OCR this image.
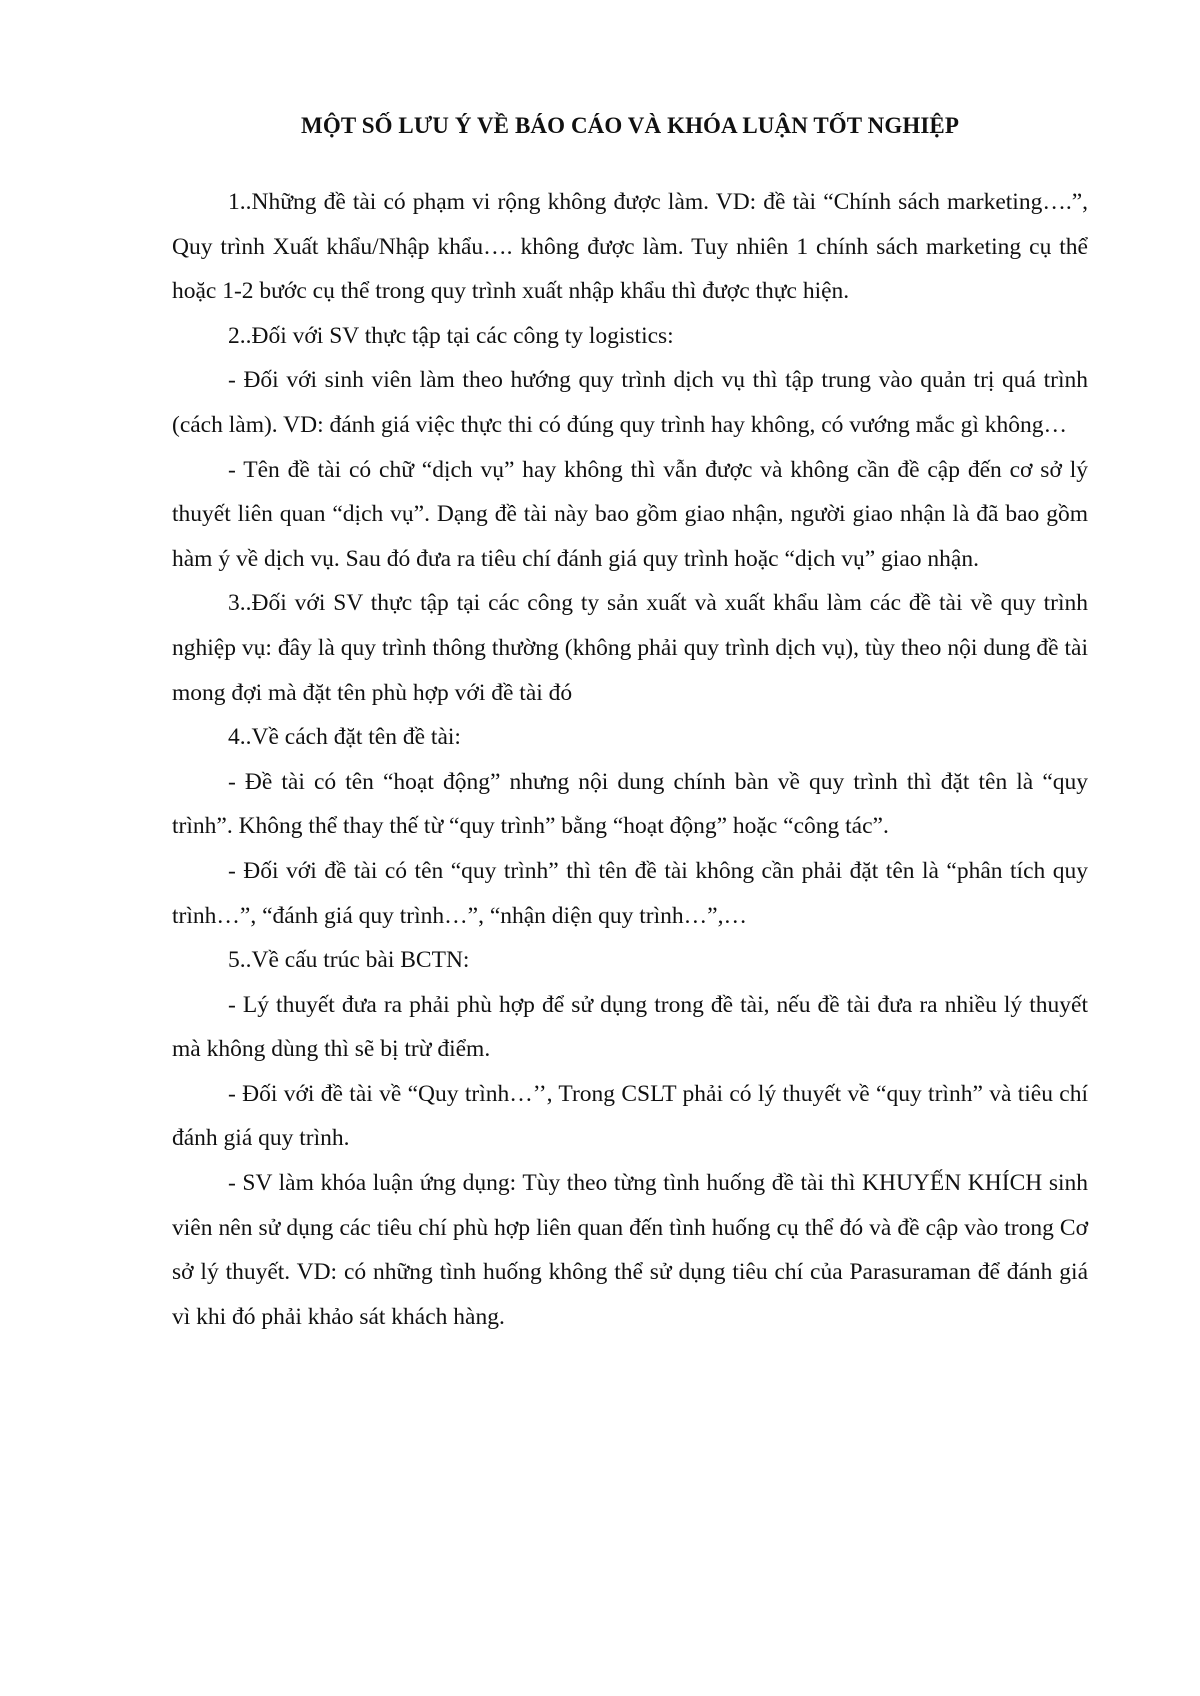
MỘT SỐ LƯU Ý VỀ BÁO CÁO VÀ KHÓA LUẬN TỐT NGHIỆP

1..Những đề tài có phạm vi rộng không được làm. VD: đề tài “Chính sách marketing….”, Quy trình Xuất khẩu/Nhập khẩu…. không được làm. Tuy nhiên 1 chính sách marketing cụ thể hoặc 1-2 bước cụ thể trong quy trình xuất nhập khẩu thì được thực hiện.

2..Đối với SV thực tập tại các công ty logistics:

- Đối với sinh viên làm theo hướng quy trình dịch vụ thì tập trung vào quản trị quá trình (cách làm). VD: đánh giá việc thực thi có đúng quy trình hay không, có vướng mắc gì không…

- Tên đề tài có chữ “dịch vụ” hay không thì vẫn được và không cần đề cập đến cơ sở lý thuyết liên quan “dịch vụ”. Dạng đề tài này bao gồm giao nhận, người giao nhận là đã bao gồm hàm ý về dịch vụ. Sau đó đưa ra tiêu chí đánh giá quy trình hoặc “dịch vụ” giao nhận.

3..Đối với SV thực tập tại các công ty sản xuất và xuất khẩu làm các đề tài về quy trình nghiệp vụ: đây là quy trình thông thường (không phải quy trình dịch vụ), tùy theo nội dung đề tài mong đợi mà đặt tên phù hợp với đề tài đó

4..Về cách đặt tên đề tài:

- Đề tài có tên “hoạt động” nhưng nội dung chính bàn về quy trình thì đặt tên là “quy trình”. Không thể thay thế từ “quy trình” bằng “hoạt động” hoặc “công tác”.

- Đối với đề tài có tên “quy trình” thì tên đề tài không cần phải đặt tên là “phân tích quy trình…”, “đánh giá quy trình…”, “nhận diện quy trình…”,…

5..Về cấu trúc bài BCTN:

- Lý thuyết đưa ra phải phù hợp để sử dụng trong đề tài, nếu đề tài đưa ra nhiều lý thuyết mà không dùng thì sẽ bị trừ điểm.

- Đối với đề tài về “Quy trình…’’, Trong CSLT phải có lý thuyết về “quy trình” và tiêu chí đánh giá quy trình.

- SV làm khóa luận ứng dụng: Tùy theo từng tình huống đề tài thì KHUYẾN KHÍCH sinh viên nên sử dụng các tiêu chí phù hợp liên quan đến tình huống cụ thể đó và đề cập vào trong Cơ sở lý thuyết. VD: có những tình huống không thể sử dụng tiêu chí của Parasuraman để đánh giá vì khi đó phải khảo sát khách hàng.
